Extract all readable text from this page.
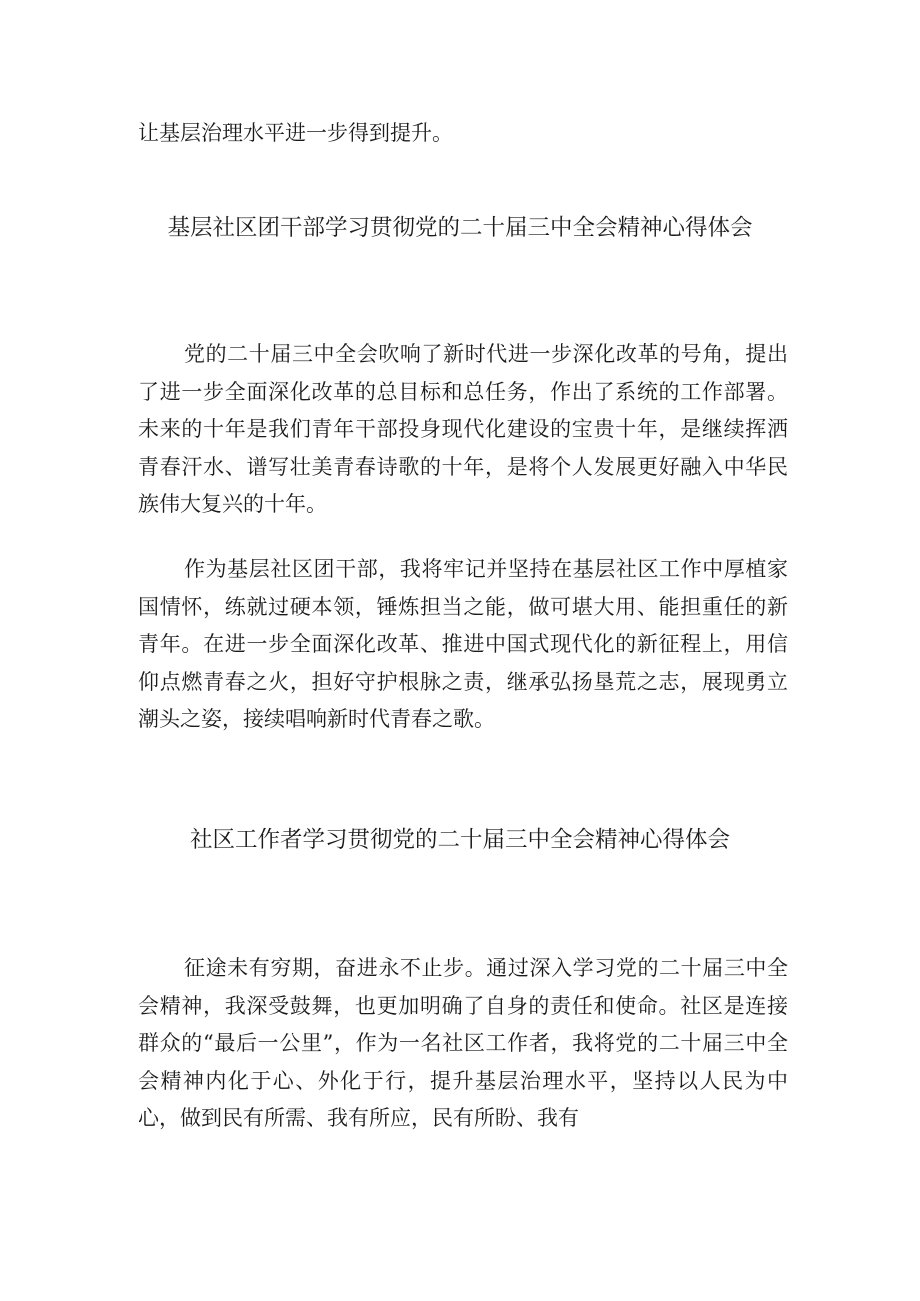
让基层治理水平进一步得到提升。

基层社区团干部学习贯彻党的二十届三中全会精神心得体会

党的二十届三中全会吹响了新时代进一步深化改革的号角，提出了进一步全面深化改革的总目标和总任务，作出了系统的工作部署。未来的十年是我们青年干部投身现代化建设的宝贵十年，是继续挥洒青春汗水、谱写壮美青春诗歌的十年，是将个人发展更好融入中华民族伟大复兴的十年。

作为基层社区团干部，我将牢记并坚持在基层社区工作中厚植家国情怀，练就过硬本领，锤炼担当之能，做可堪大用、能担重任的新青年。在进一步全面深化改革、推进中国式现代化的新征程上，用信仰点燃青春之火，担好守护根脉之责，继承弘扬垦荒之志，展现勇立潮头之姿，接续唱响新时代青春之歌。

社区工作者学习贯彻党的二十届三中全会精神心得体会

征途未有穷期，奋进永不止步。通过深入学习党的二十届三中全会精神，我深受鼓舞，也更加明确了自身的责任和使命。社区是连接群众的“最后一公里”，作为一名社区工作者，我将党的二十届三中全会精神内化于心、外化于行，提升基层治理水平，坚持以人民为中心，做到民有所需、我有所应，民有所盼、我有
